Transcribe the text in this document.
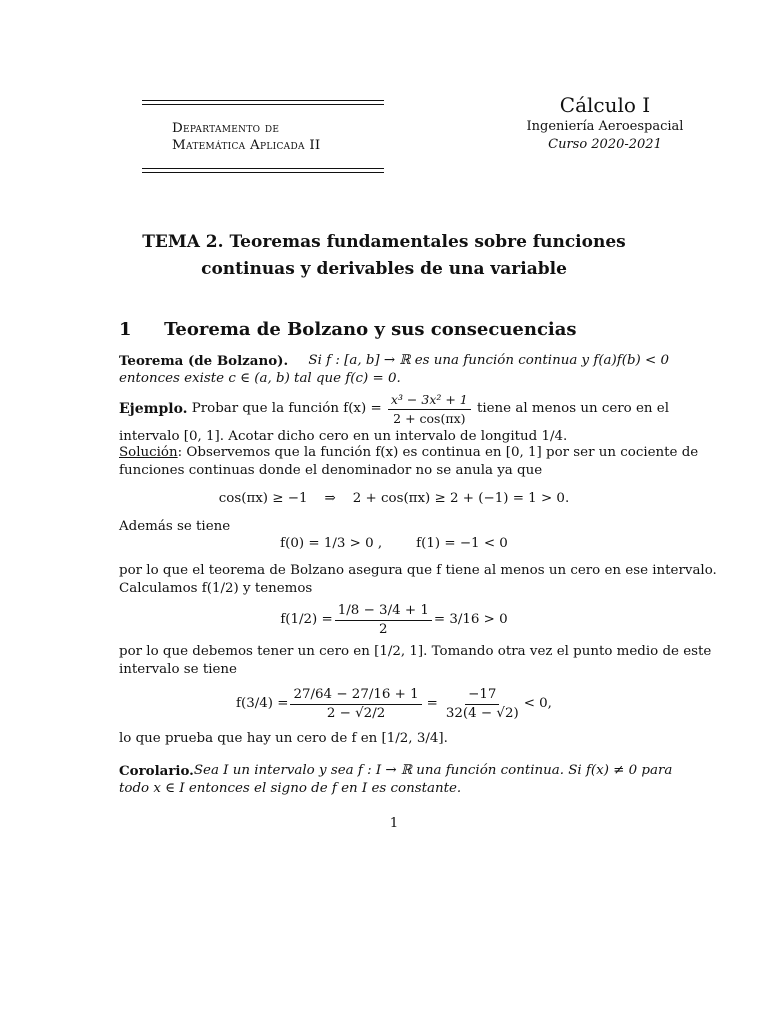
Departamento de
Matemática Aplicada II
Cálculo I
Ingeniería Aeroespacial
Curso 2020-2021
TEMA 2. Teoremas fundamentales sobre funciones
continuas y derivables de una variable
1 Teorema de Bolzano y sus consecuencias
Teorema (de Bolzano). Si f : [a, b] → ℝ es una función continua y f(a)f(b) < 0
entonces existe c ∈ (a, b) tal que f(c) = 0.
Ejemplo. Probar que la función $f(x) = \frac{\text{x³ − 3x² + 1}}{2 + \cos(\pi x)}$ tiene al menos un cero en el
intervalo [0, 1]. Acotar dicho cero en un intervalo de longitud 1/4.
Solución: Observemos que la función f(x) es continua en [0, 1] por ser un cociente de
funciones continuas donde el denominador no se anula ya que
cos(πx) ≥ −1    ⇒    2 + cos(πx) ≥ 2 + (−1) = 1 > 0.
Además se tiene
f(0) = 1/3 > 0 ,        f(1) = −1 < 0
por lo que el teorema de Bolzano asegura que f tiene al menos un cero en ese intervalo.
Calculamos f(1/2) y tenemos
$f(1/2) = \frac{1/8 - 3/4 + 1}{2} = 3/16 > 0$
por lo que debemos tener un cero en [1/2, 1]. Tomando otra vez el punto medio de este
intervalo se tiene
$f(3/4) = \frac{27/64 - 27/16 + 1}{2 - √2/2} = \frac{-17}{32(4 - √2)} < 0$,
lo que prueba que hay un cero de f en [1/2, 3/4].
Corolario. Sea I un intervalo y sea f : I → ℝ una función continua. Si f(x) ≠ 0 para
todo x ∈ I entonces el signo de f en I es constante.
1
